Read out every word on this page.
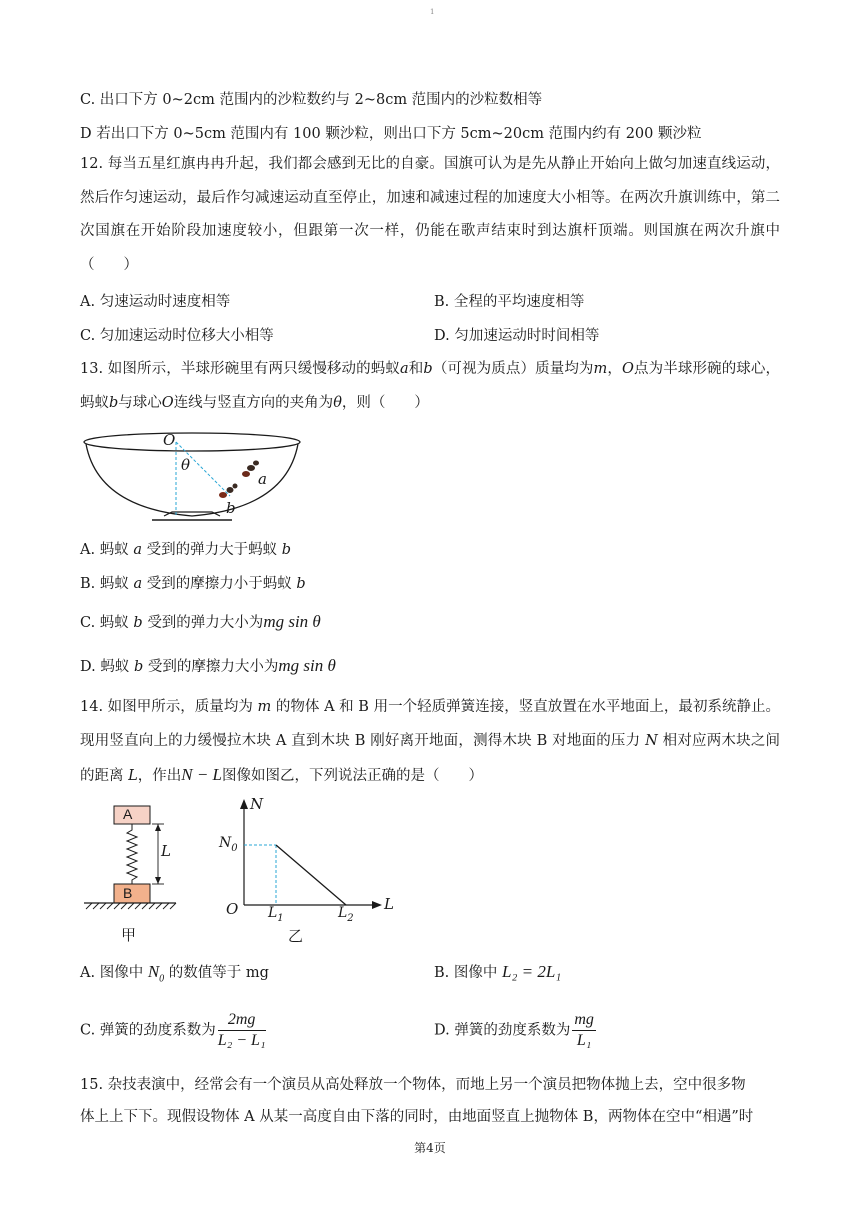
1
C. 出口下方 0~2cm 范围内的沙粒数约与 2~8cm 范围内的沙粒数相等
D 若出口下方 0~5cm 范围内有 100 颗沙粒，则出口下方 5cm~20cm 范围内约有 200 颗沙粒
12. 每当五星红旗冉冉升起，我们都会感到无比的自豪。国旗可认为是先从静止开始向上做匀加速直线运动，然后作匀速运动，最后作匀减速运动直至停止，加速和减速过程的加速度大小相等。在两次升旗训练中，第二次国旗在开始阶段加速度较小，但跟第一次一样，仍能在歌声结束时到达旗杆顶端。则国旗在两次升旗中（　　）
A. 匀速运动时速度相等	B. 全程的平均速度相等
C. 匀加速运动时位移大小相等	D. 匀加速运动时时间相等
13. 如图所示，半球形碗里有两只缓慢移动的蚂蚁a和b（可视为质点）质量均为m，O点为半球形碗的球心，蚂蚁b与球心O连线与竖直方向的夹角为θ，则（　　）
O
θ
a
b
A. 蚂蚁 a 受到的弹力大于蚂蚁 b
B. 蚂蚁 a 受到的摩擦力小于蚂蚁 b
C. 蚂蚁 b 受到的弹力大小为mg sin θ
D. 蚂蚁 b 受到的摩擦力大小为mg sin θ
14. 如图甲所示，质量均为 m 的物体 A 和 B 用一个轻质弹簧连接，竖直放置在水平地面上，最初系统静止。现用竖直向上的力缓慢拉木块 A 直到木块 B 刚好离开地面，测得木块 B 对地面的压力 N 相对应两木块之间的距离 L，作出N − L图像如图乙，下列说法正确的是（　　）
A
B
L
甲
N
$N_0$
O $L_1$	$L_2$
L
乙
A. 图像中 $N_0$ 的数值等于 mg	B. 图像中 L₂ = 2L₁
C. 弹簧的劲度系数为 $\frac{2mg}{\text{L₂ − L₁}}$	D. 弹簧的劲度系数为 $\frac{mg}{\text{L₁}}$
15. 杂技表演中，经常会有一个演员从高处释放一个物体，而地上另一个演员把物体抛上去，空中很多物
体上上下下。现假设物体 A 从某一高度自由下落的同时，由地面竖直上抛物体 B，两物体在空中“相遇”时
第4页
